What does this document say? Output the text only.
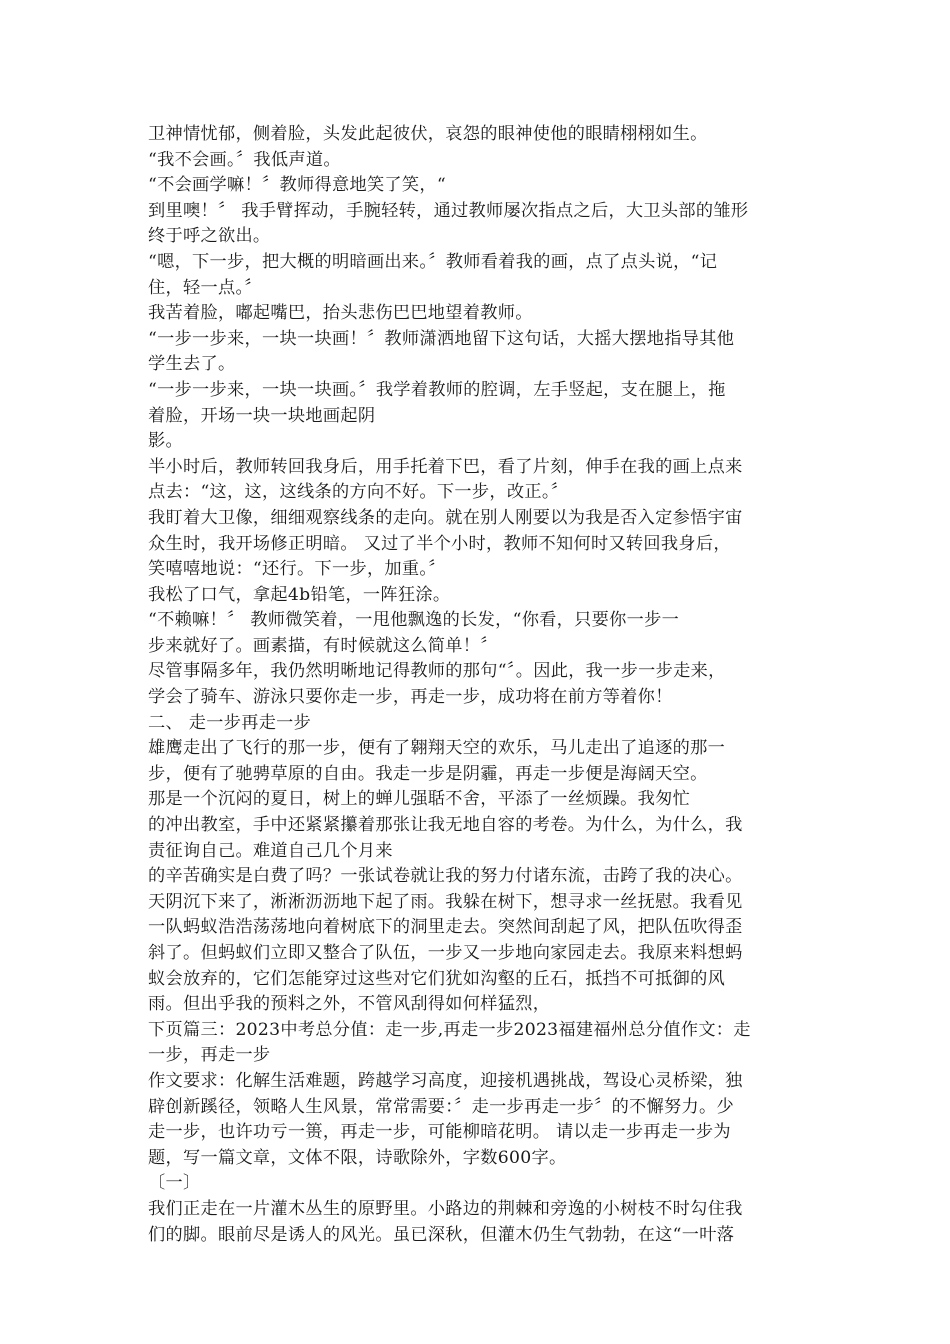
卫神情忧郁，侧着脸，头发此起彼伏，哀怨的眼神使他的眼睛栩栩如生。
“我不会画。〞我低声道。
“不会画学嘛！〞教师得意地笑了笑，“
到里噢！〞 我手臂挥动，手腕轻转，通过教师屡次指点之后，大卫头部的雏形
终于呼之欲出。
“嗯，下一步，把大概的明暗画出来。〞教师看着我的画，点了点头说，“记
住，轻一点。〞
我苦着脸，嘟起嘴巴，抬头悲伤巴巴地望着教师。
“一步一步来，一块一块画！〞教师潇洒地留下这句话，大摇大摆地指导其他
学生去了。
“一步一步来，一块一块画。〞我学着教师的腔调，左手竖起，支在腿上，拖
着脸，开场一块一块地画起阴
影。
半小时后，教师转回我身后，用手托着下巴，看了片刻，伸手在我的画上点来
点去：“这，这，这线条的方向不好。下一步，改正。〞
我盯着大卫像，细细观察线条的走向。就在别人刚要以为我是否入定参悟宇宙
众生时，我开场修正明暗。 又过了半个小时，教师不知何时又转回我身后，
笑嘻嘻地说：“还行。下一步，加重。〞
我松了口气，拿起4b铅笔，一阵狂涂。
“不赖嘛！〞 教师微笑着，一甩他飘逸的长发，“你看，只要你一步一
步来就好了。画素描，有时候就这么简单！〞
尽管事隔多年，我仍然明晰地记得教师的那句“〞。因此，我一步一步走来，
学会了骑车、游泳只要你走一步，再走一步，成功将在前方等着你！
二、 走一步再走一步
雄鹰走出了飞行的那一步，便有了翱翔天空的欢乐，马儿走出了追逐的那一
步，便有了驰骋草原的自由。我走一步是阴霾，再走一步便是海阔天空。
那是一个沉闷的夏日，树上的蝉儿强聒不舍，平添了一丝烦躁。我匆忙
的冲出教室，手中还紧紧攥着那张让我无地自容的考卷。为什么，为什么，我
责征询自己。难道自己几个月来
的辛苦确实是白费了吗？一张试卷就让我的努力付诸东流，击跨了我的决心。
天阴沉下来了，淅淅沥沥地下起了雨。我躲在树下，想寻求一丝抚慰。我看见
一队蚂蚁浩浩荡荡地向着树底下的洞里走去。突然间刮起了风，把队伍吹得歪
斜了。但蚂蚁们立即又整合了队伍，一步又一步地向家园走去。我原来料想蚂
蚁会放弃的，它们怎能穿过这些对它们犹如沟壑的丘石，抵挡不可抵御的风
雨。但出乎我的预料之外，不管风刮得如何样猛烈，
下页篇三：2023中考总分值：走一步,再走一步2023福建福州总分值作文：走
一步，再走一步
作文要求：化解生活难题，跨越学习高度，迎接机遇挑战，驾设心灵桥梁，独
辟创新蹊径，领略人生风景，常常需要：〞走一步再走一步〞的不懈努力。少
走一步，也许功亏一篑，再走一步，可能柳暗花明。 请以走一步再走一步为
题，写一篇文章，文体不限，诗歌除外，字数600字。
〔一〕
我们正走在一片灌木丛生的原野里。小路边的荆棘和旁逸的小树枝不时勾住我
们的脚。眼前尽是诱人的风光。虽已深秋，但灌木仍生气勃勃，在这“一叶落
